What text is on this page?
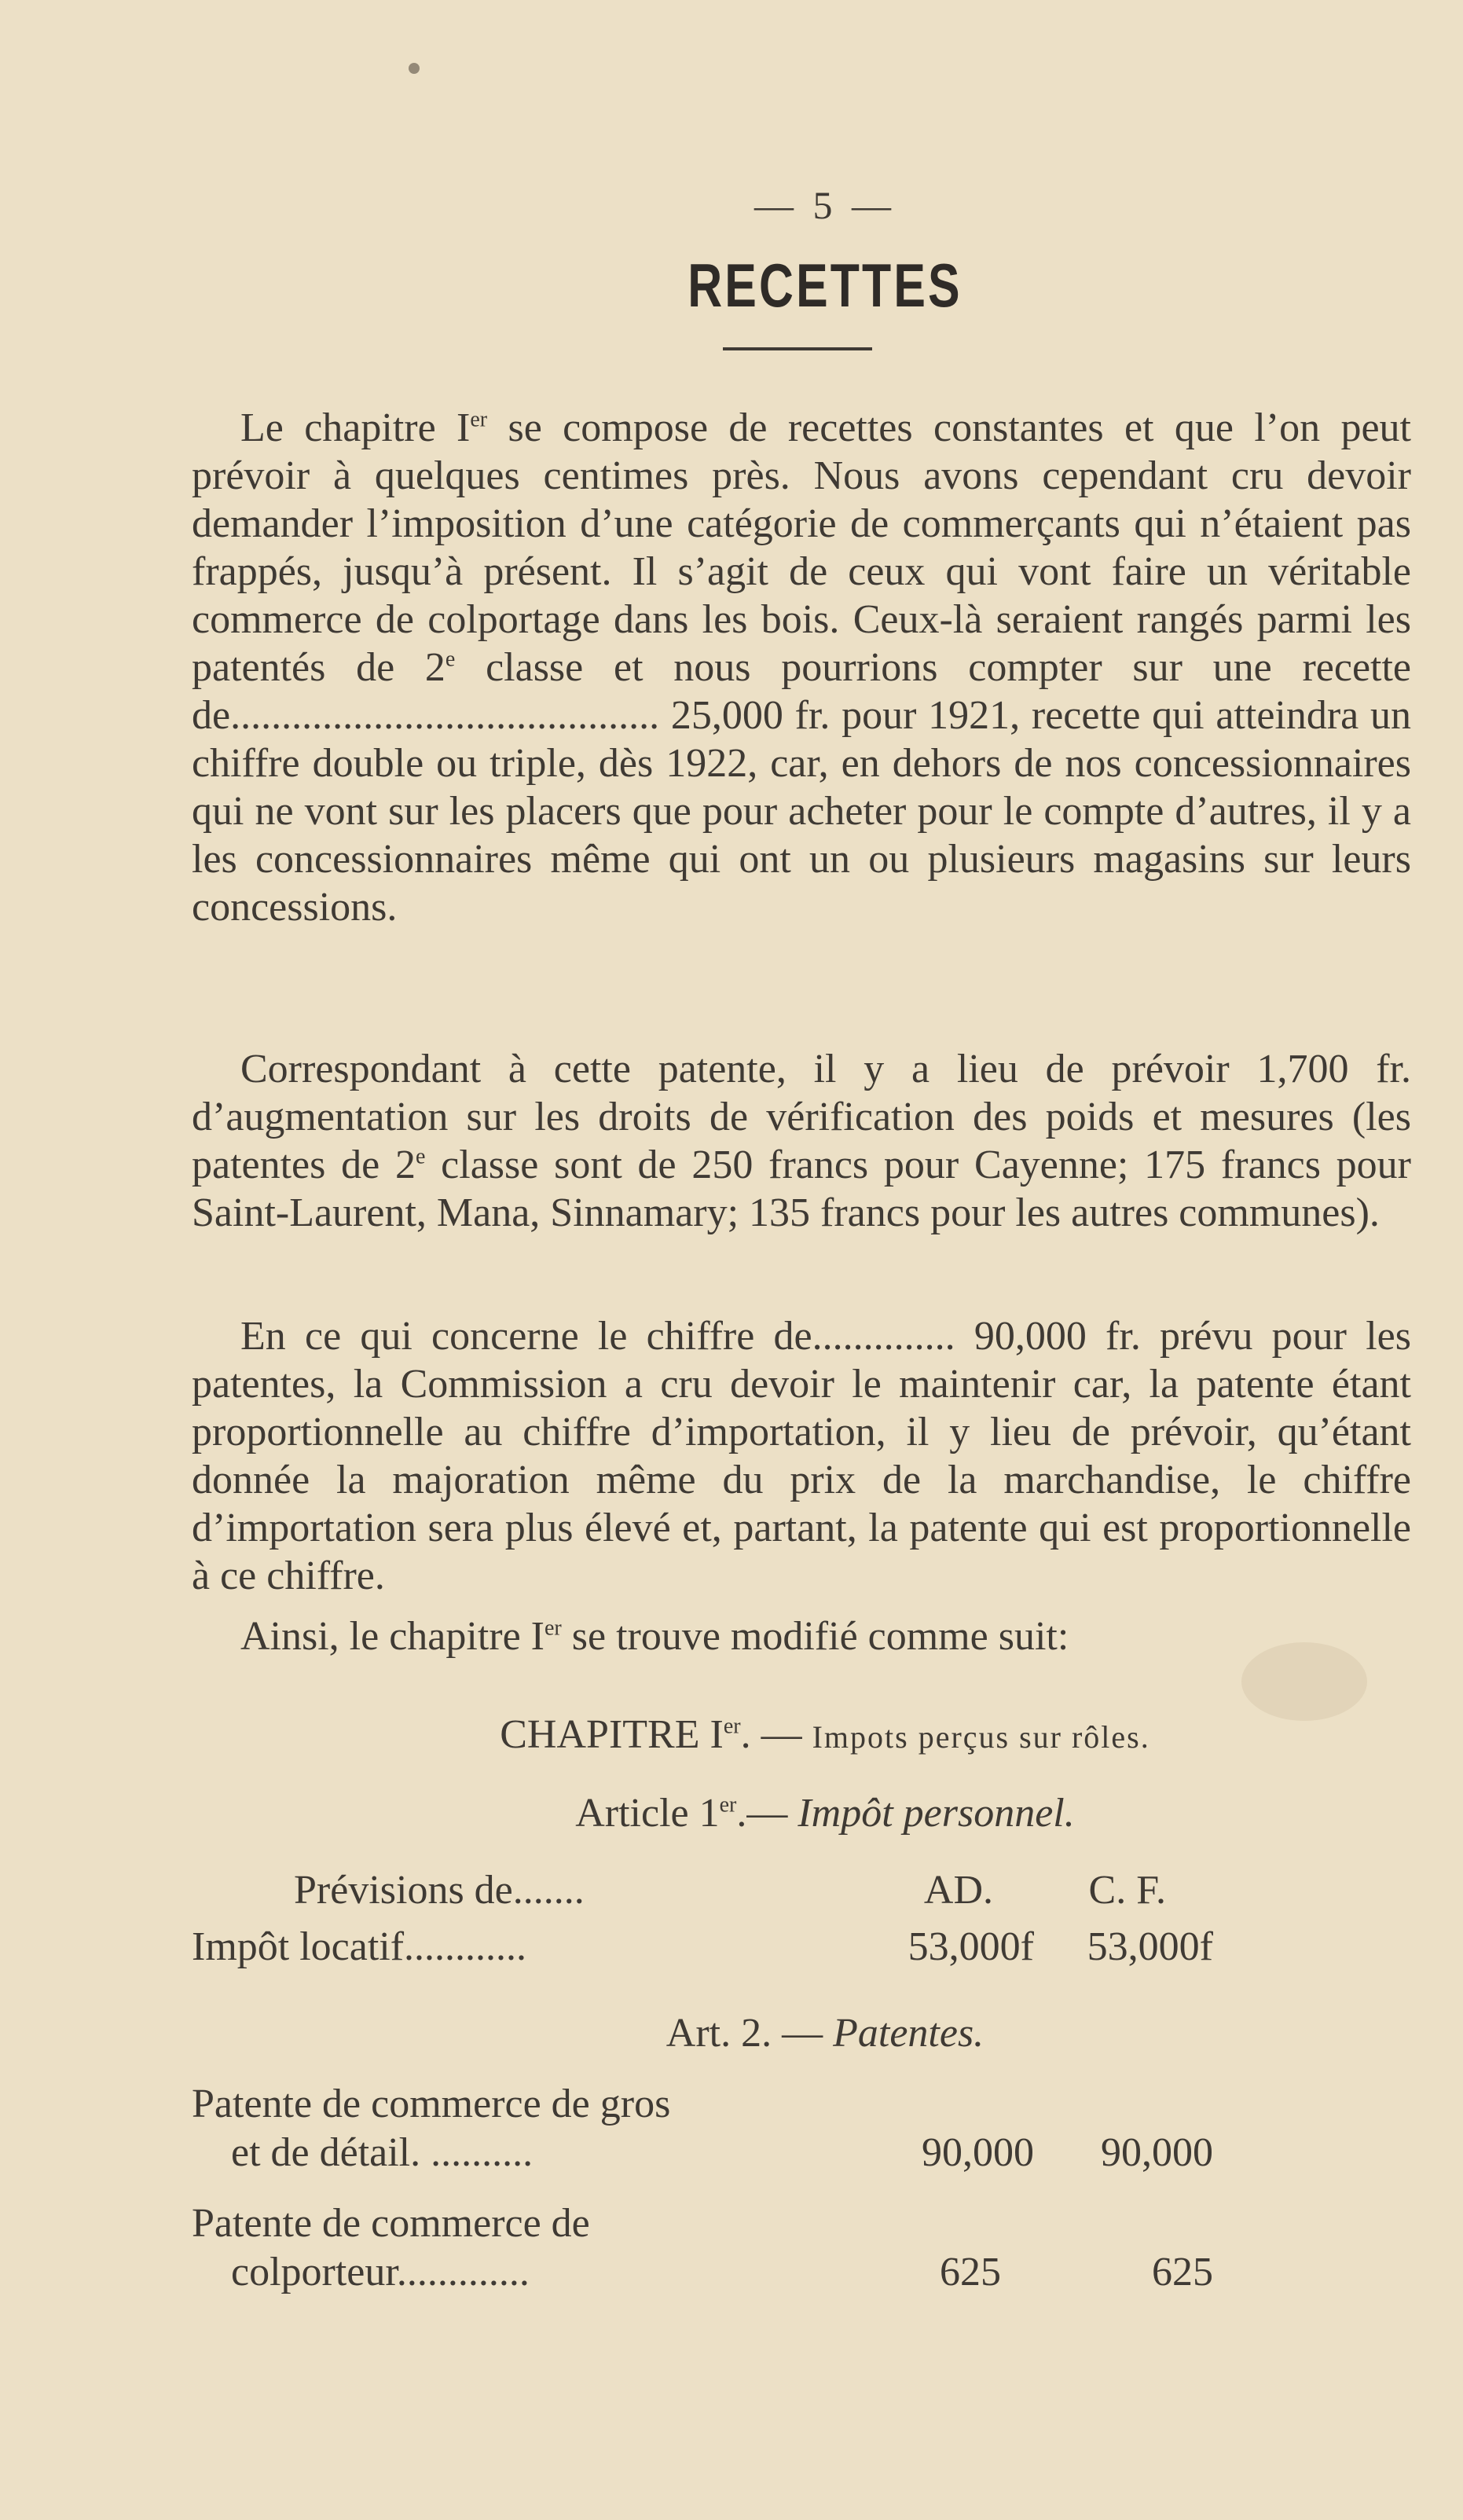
— 5 —
RECETTES

Le chapitre Ier se compose de recettes constantes et que l’on peut prévoir à quelques centimes près. Nous avons cependant cru devoir demander l’imposition d’une catégorie de commerçants qui n’étaient pas frappés, jusqu’à présent. Il s’agit de ceux qui vont faire un véritable commerce de colportage dans les bois. Ceux-là seraient rangés parmi les patentés de 2e classe et nous pourrions compter sur une recette de.......................................... 25,000 fr. pour 1921, recette qui atteindra un chiffre double ou triple, dès 1922, car, en dehors de nos concessionnaires qui ne vont sur les placers que pour acheter pour le compte d’autres, il y a les concessionnaires même qui ont un ou plusieurs magasins sur leurs concessions.

Correspondant à cette patente, il y a lieu de prévoir 1,700 fr. d’augmentation sur les droits de vérification des poids et mesures (les patentes de 2e classe sont de 250 francs pour Cayenne; 175 francs pour Saint-Laurent, Mana, Sinnamary; 135 francs pour les autres communes).

En ce qui concerne le chiffre de.............. 90,000 fr. prévu pour les patentes, la Commission a cru devoir le maintenir car, la patente étant proportionnelle au chiffre d’importation, il y lieu de prévoir, qu’étant donnée la majoration même du prix de la marchandise, le chiffre d’importation sera plus élevé et, partant, la patente qui est proportionnelle à ce chiffre.

Ainsi, le chapitre Ier se trouve modifié comme suit:

CHAPITRE Ier. — Impots perçus sur rôles.
Article 1er.— Impôt personnel.
Prévisions de.......	AD. C. F.
Impôt locatif............	53,000f 53,000f
Art. 2. — Patentes.
Patente de commerce de gros
et de détail. ..........	90,000 90,000
Patente de commerce de
colporteur.............	625	625
